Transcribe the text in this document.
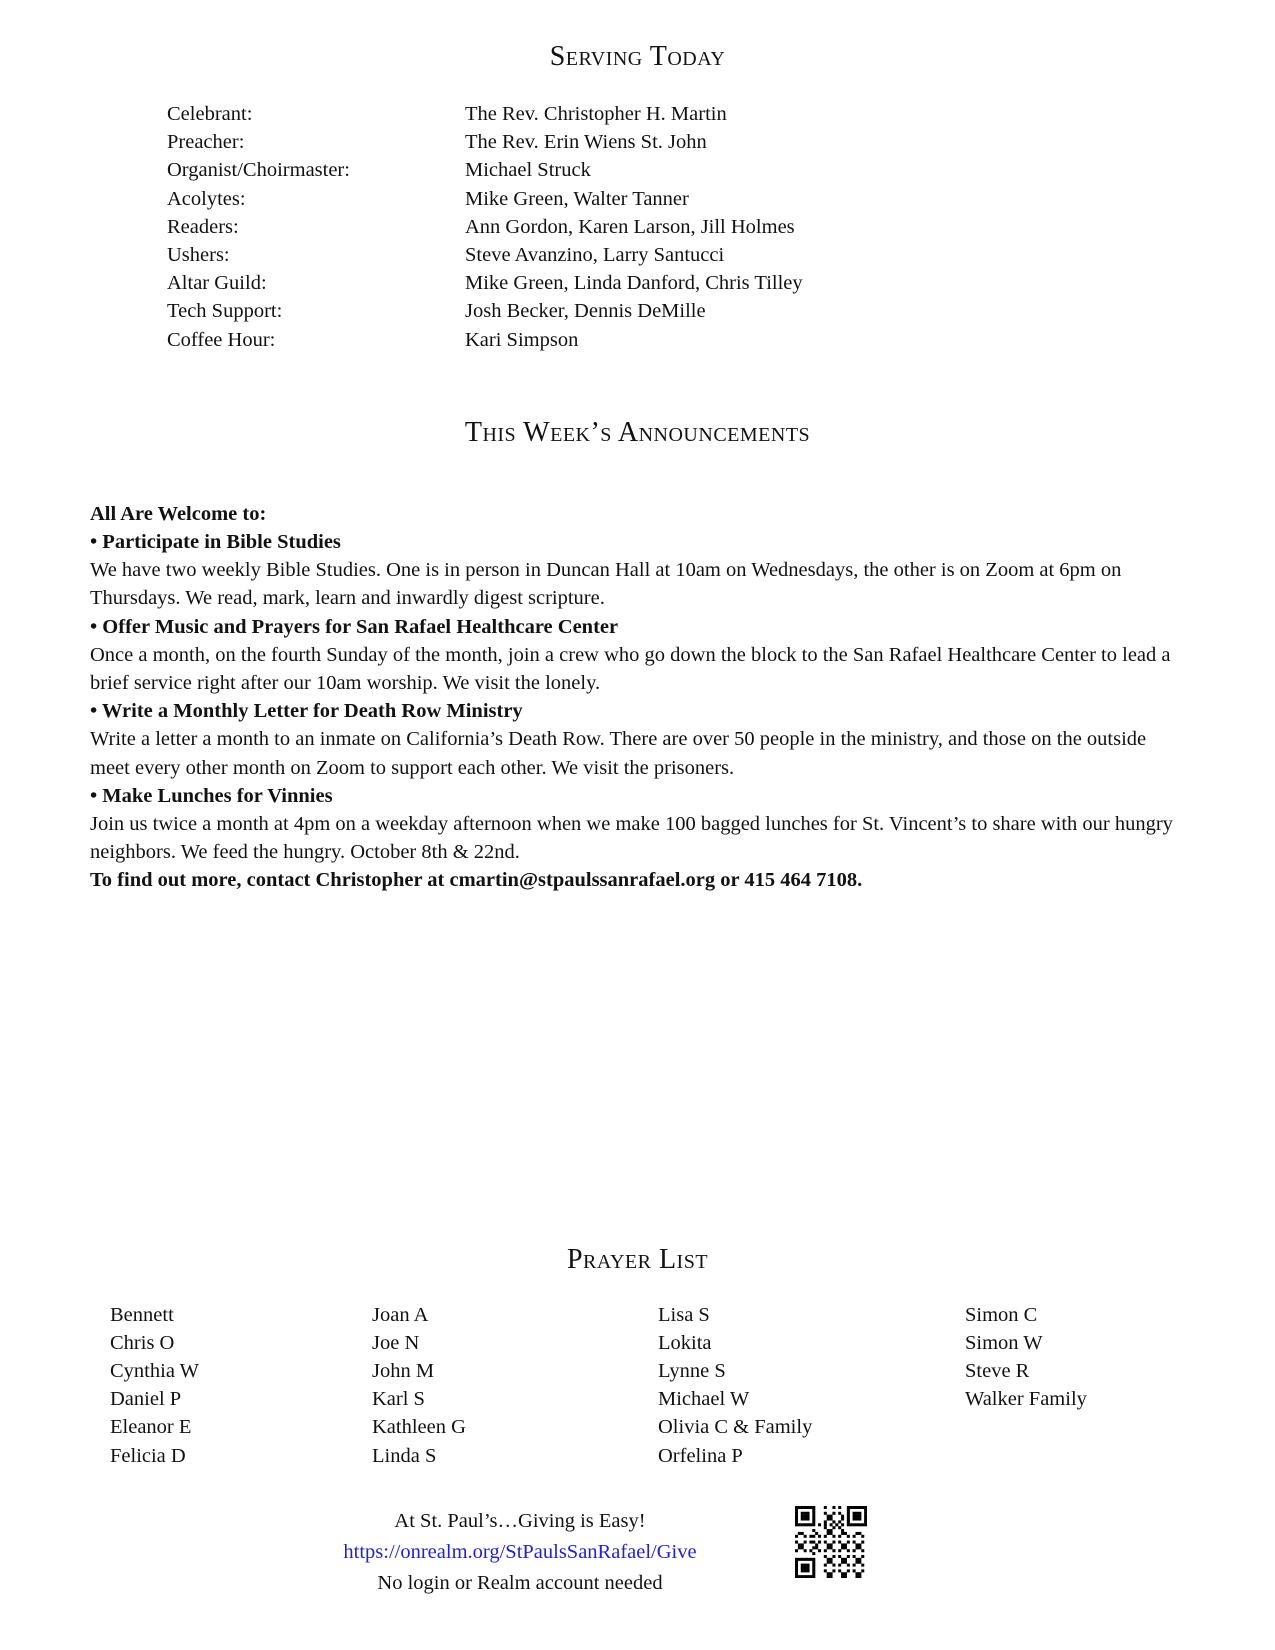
Serving Today
Celebrant:	The Rev. Christopher H. Martin
Preacher:	The Rev. Erin Wiens St. John
Organist/Choirmaster:	Michael Struck
Acolytes:	Mike Green, Walter Tanner
Readers:	Ann Gordon, Karen Larson, Jill Holmes
Ushers:	Steve Avanzino, Larry Santucci
Altar Guild:	Mike Green, Linda Danford, Chris Tilley
Tech Support:	Josh Becker, Dennis DeMille
Coffee Hour:	Kari Simpson
This Week’s Announcements
All Are Welcome to:
• Participate in Bible Studies
We have two weekly Bible Studies. One is in person in Duncan Hall at 10am on Wednesdays, the other is on Zoom at 6pm on Thursdays. We read, mark, learn and inwardly digest scripture.
• Offer Music and Prayers for San Rafael Healthcare Center
Once a month, on the fourth Sunday of the month, join a crew who go down the block to the San Rafael Healthcare Center to lead a brief service right after our 10am worship. We visit the lonely.
• Write a Monthly Letter for Death Row Ministry
Write a letter a month to an inmate on California’s Death Row. There are over 50 people in the ministry, and those on the outside meet every other month on Zoom to support each other. We visit the prisoners.
• Make Lunches for Vinnies
Join us twice a month at 4pm on a weekday afternoon when we make 100 bagged lunches for St. Vincent’s to share with our hungry neighbors. We feed the hungry. October 8th & 22nd.
To find out more, contact Christopher at cmartin@stpaulssanrafael.org or 415 464 7108.
Prayer List
Bennett
Chris O
Cynthia W
Daniel P
Eleanor E
Felicia D
Joan A
Joe N
John M
Karl S
Kathleen G
Linda S
Lisa S
Lokita
Lynne S
Michael W
Olivia C & Family
Orfelina P
Simon C
Simon W
Steve R
Walker Family
At St. Paul’s…Giving is Easy!
https://onrealm.org/StPaulsSanRafael/Give
No login or Realm account needed
